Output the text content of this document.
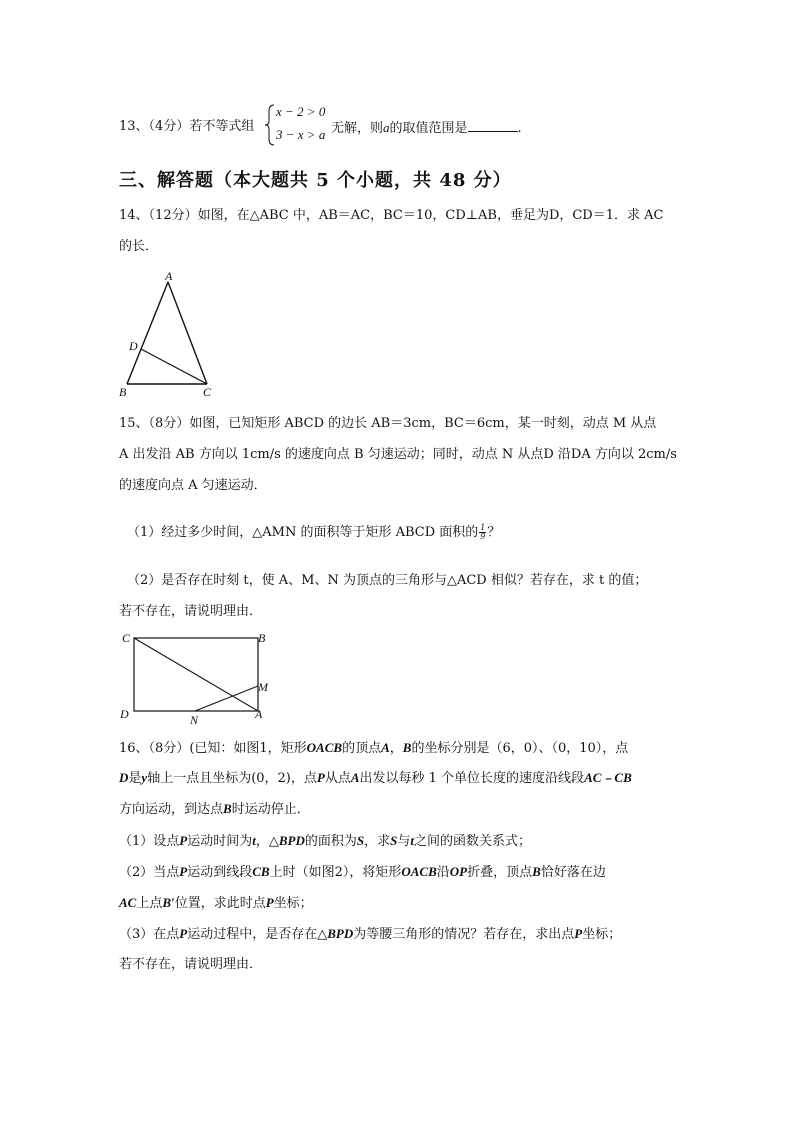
13、（4分）若不等式组
x − 2 > 0
3 − x > a 无解，则a的取值范围是	.
三、解答题（本大题共 5 个小题，共 48 分）
14、（12分）如图，在△ABC 中，AB＝AC，BC＝10，CD⊥AB，垂足为D，CD＝1．求 AC
的长．
A
D
B	C
15、（8分）如图，已知矩形 ABCD 的边长 AB＝3cm，BC＝6cm，某一时刻，动点 M 从点
A 出发沿 AB 方向以 1cm/s 的速度向点 B 匀速运动；同时，动点 N 从点D 沿DA 方向以 2cm/s
的速度向点 A 匀速运动．
（1）经过多少时间，△AMN 的面积等于矩形 ABCD 面积的 $\frac{1}{9}$ ？
（2）是否存在时刻 t，使 A、M、N 为顶点的三角形与△ACD 相似？若存在，求 t 的值；
若不存在，请说明理由．
C	B
M
D	N	A
16、（8分）(已知：如图1，矩形OACB的顶点A，B的坐标分别是（6，0）、（0，10），点
D是y轴上一点且坐标为(0，2)，点P从点A出发以每秒 1 个单位长度的速度沿线段AC﹣CB
方向运动，到达点B时运动停止．
（1）设点P运动时间为t，△BPD的面积为S，求S与t之间的函数关系式；
（2）当点P运动到线段CB上时（如图2），将矩形OACB沿OP折叠，顶点B恰好落在边
AC上点B′位置，求此时点P坐标；
（3）在点P运动过程中，是否存在△BPD为等腰三角形的情况？若存在，求出点P坐标；
若不存在，请说明理由．
